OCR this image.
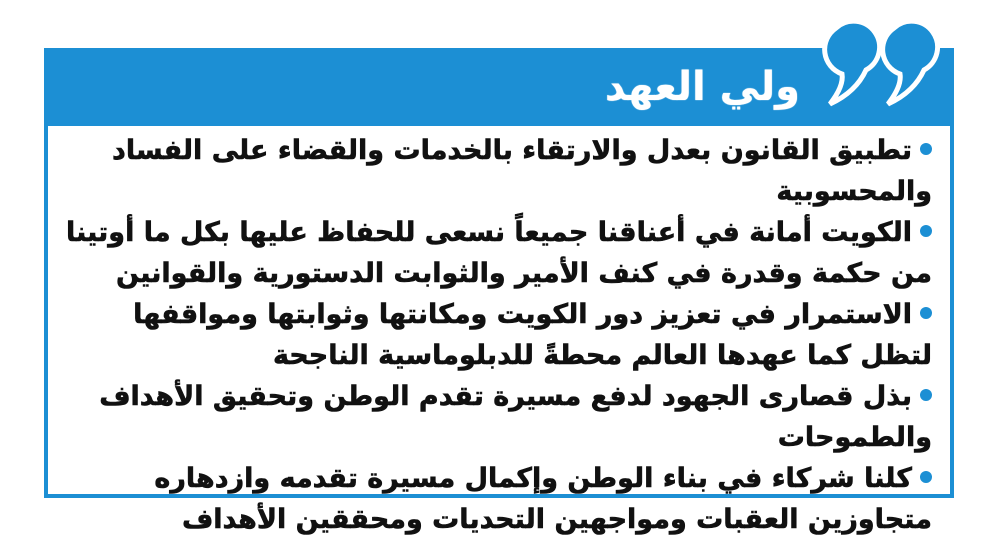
ولي العهد

تطبيق القانون بعدل والارتقاء بالخدمات والقضاء على الفساد والمحسوبية

الكويت أمانة في أعناقنا جميعاً نسعى للحفاظ عليها بكل ما أوتينا من حكمة وقدرة في كنف الأمير والثوابت الدستورية والقوانين

الاستمرار في تعزيز دور الكويت ومكانتها وثوابتها ومواقفها لتظل كما عهدها العالم محطةً للدبلوماسية الناجحة

بذل قصارى الجهود لدفع مسيرة تقدم الوطن وتحقيق الأهداف والطموحات

كلنا شركاء في بناء الوطن وإكمال مسيرة تقدمه وازدهاره متجاوزين العقبات ومواجهين التحديات ومحققين الأهداف
